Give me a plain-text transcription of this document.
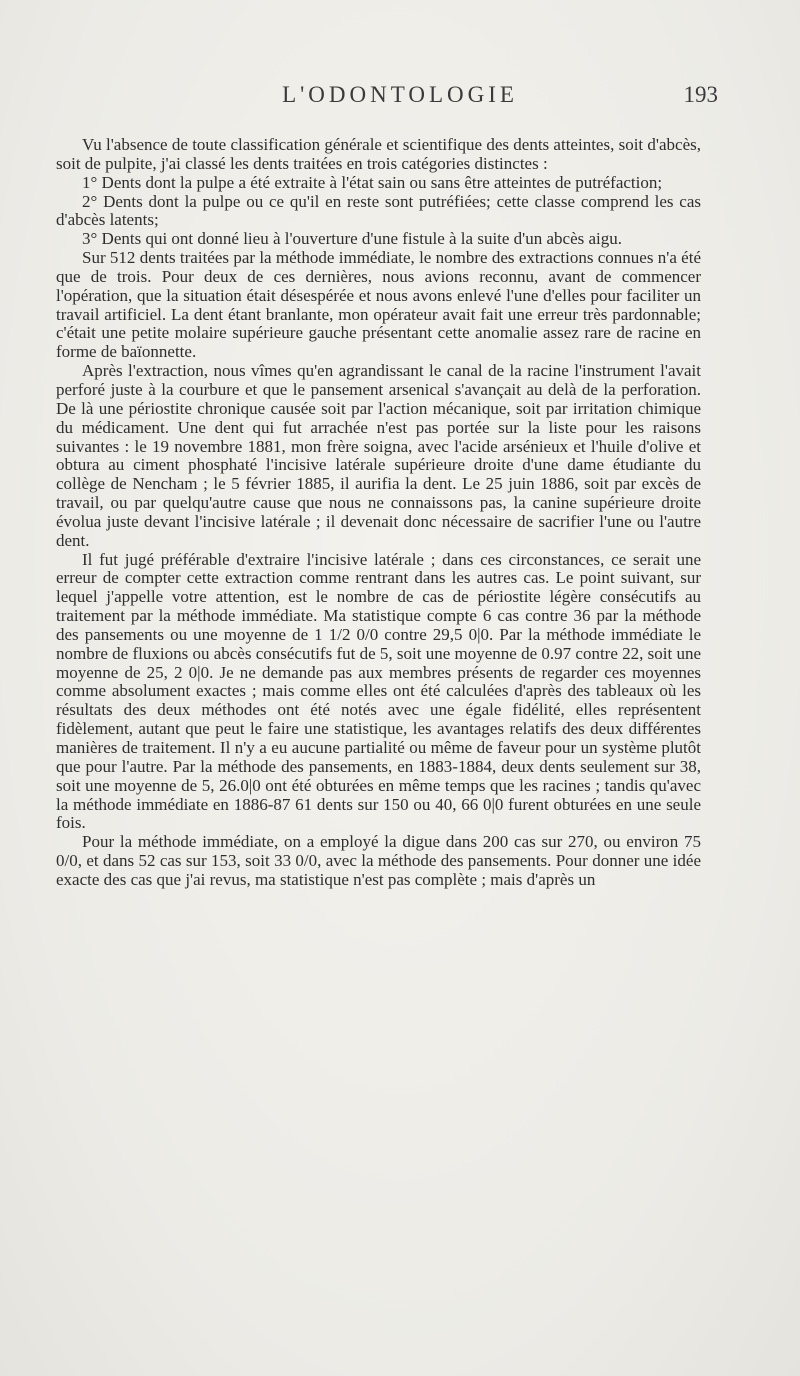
L'ODONTOLOGIE	193

Vu l'absence de toute classification générale et scientifique des dents atteintes, soit d'abcès, soit de pulpite, j'ai classé les dents traitées en trois catégories distinctes :

1° Dents dont la pulpe a été extraite à l'état sain ou sans être atteintes de putréfaction;

2° Dents dont la pulpe ou ce qu'il en reste sont putréfiées; cette classe comprend les cas d'abcès latents;

3° Dents qui ont donné lieu à l'ouverture d'une fistule à la suite d'un abcès aigu.

Sur 512 dents traitées par la méthode immédiate, le nombre des extractions connues n'a été que de trois. Pour deux de ces dernières, nous avions reconnu, avant de commencer l'opération, que la situation était désespérée et nous avons enlevé l'une d'elles pour faciliter un travail artificiel. La dent étant branlante, mon opérateur avait fait une erreur très pardonnable; c'était une petite molaire supérieure gauche présentant cette anomalie assez rare de racine en forme de baïonnette.

Après l'extraction, nous vîmes qu'en agrandissant le canal de la racine l'instrument l'avait perforé juste à la courbure et que le pansement arsenical s'avançait au delà de la perforation. De là une périostite chronique causée soit par l'action mécanique, soit par irritation chimique du médicament. Une dent qui fut arrachée n'est pas portée sur la liste pour les raisons suivantes : le 19 novembre 1881, mon frère soigna, avec l'acide arsénieux et l'huile d'olive et obtura au ciment phosphaté l'incisive latérale supérieure droite d'une dame étudiante du collège de Nencham ; le 5 février 1885, il aurifia la dent. Le 25 juin 1886, soit par excès de travail, ou par quelqu'autre cause que nous ne connaissons pas, la canine supérieure droite évolua juste devant l'incisive latérale ; il devenait donc nécessaire de sacrifier l'une ou l'autre dent.

Il fut jugé préférable d'extraire l'incisive latérale ; dans ces circonstances, ce serait une erreur de compter cette extraction comme rentrant dans les autres cas. Le point suivant, sur lequel j'appelle votre attention, est le nombre de cas de périostite légère consécutifs au traitement par la méthode immédiate. Ma statistique compte 6 cas contre 36 par la méthode des pansements ou une moyenne de 1 1/2 0/0 contre 29,5 0|0. Par la méthode immédiate le nombre de fluxions ou abcès consécutifs fut de 5, soit une moyenne de 0.97 contre 22, soit une moyenne de 25, 2 0|0. Je ne demande pas aux membres présents de regarder ces moyennes comme absolument exactes ; mais comme elles ont été calculées d'après des tableaux où les résultats des deux méthodes ont été notés avec une égale fidélité, elles représentent fidèlement, autant que peut le faire une statistique, les avantages relatifs des deux différentes manières de traitement. Il n'y a eu aucune partialité ou même de faveur pour un système plutôt que pour l'autre. Par la méthode des pansements, en 1883-1884, deux dents seulement sur 38, soit une moyenne de 5, 26.0|0 ont été obturées en même temps que les racines ; tandis qu'avec la méthode immédiate en 1886-87 61 dents sur 150 ou 40, 66 0|0 furent obturées en une seule fois.

Pour la méthode immédiate, on a employé la digue dans 200 cas sur 270, ou environ 75 0/0, et dans 52 cas sur 153, soit 33 0/0, avec la méthode des pansements. Pour donner une idée exacte des cas que j'ai revus, ma statistique n'est pas complète ; mais d'après un
